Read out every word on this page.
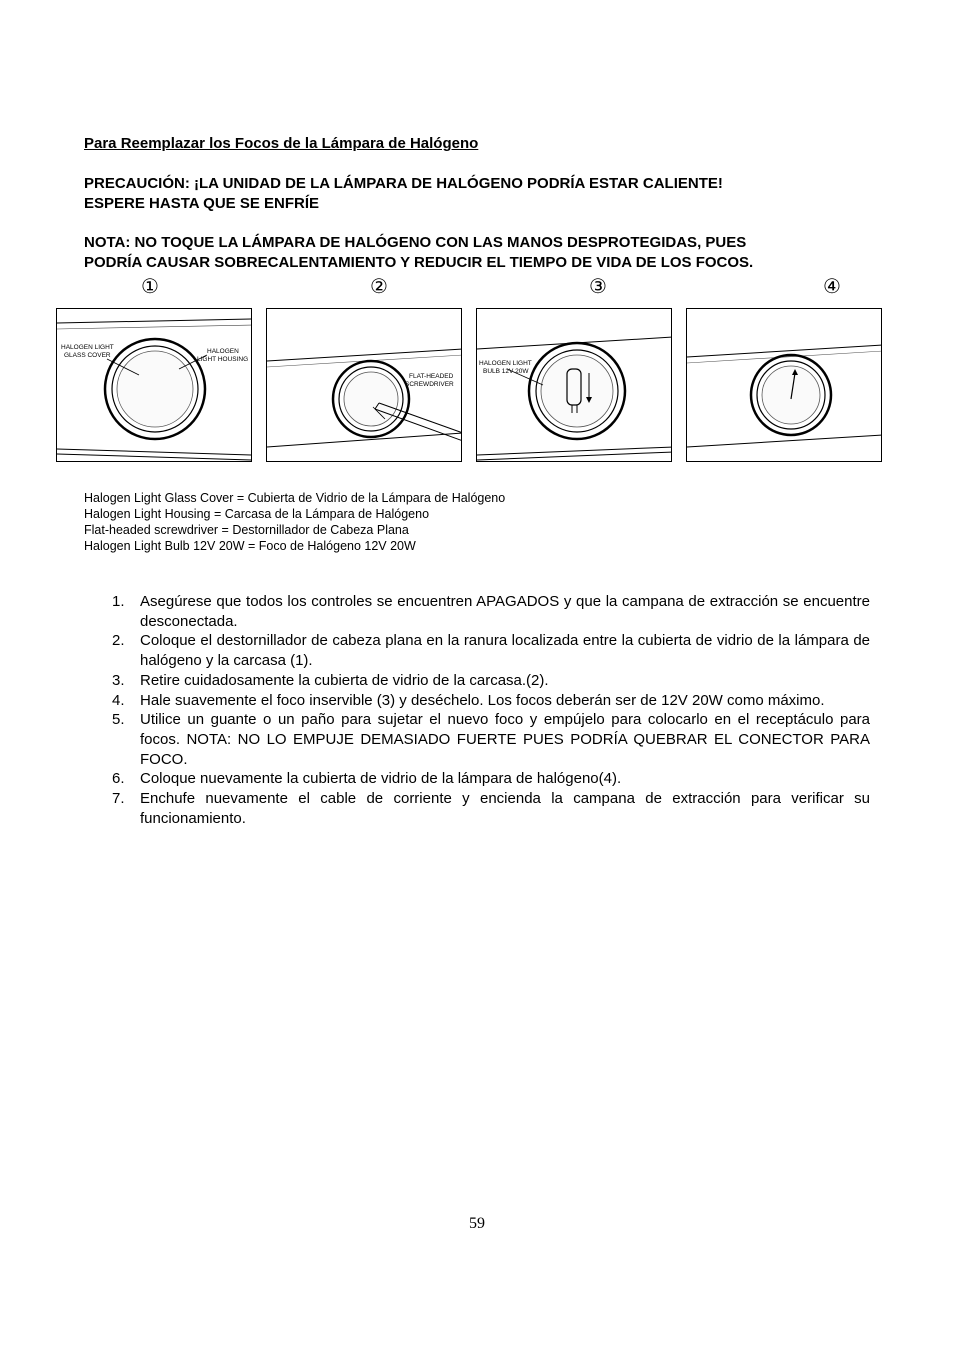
Para Reemplazar los Focos de la Lámpara de Halógeno
PRECAUCIÓN: ¡LA UNIDAD DE LA LÁMPARA DE HALÓGENO PODRÍA ESTAR CALIENTE!
ESPERE HASTA QUE SE ENFRÍE
NOTA: NO TOQUE LA LÁMPARA DE HALÓGENO CON LAS MANOS DESPROTEGIDAS, PUES
PODRÍA CAUSAR SOBRECALENTAMIENTO Y REDUCIR EL TIEMPO DE VIDA DE LOS FOCOS.
①	②	③	④
HALOGEN LIGHT
GLASS COVER
HALOGEN
LIGHT HOUSING
FLAT-HEADED
SCREWDRIVER
HALOGEN LIGHT
BULB 12V 20W
Halogen Light Glass Cover = Cubierta de Vidrio de la Lámpara de Halógeno
Halogen Light Housing = Carcasa de la Lámpara de Halógeno
Flat-headed screwdriver = Destornillador de Cabeza Plana
Halogen Light Bulb 12V 20W = Foco de Halógeno 12V 20W
1. Asegúrese que todos los controles se encuentren APAGADOS y que la campana de extracción se encuentre desconectada.
2. Coloque el destornillador de cabeza plana en la ranura localizada entre la cubierta de vidrio de la lámpara de halógeno y la carcasa (1).
3. Retire cuidadosamente la cubierta de vidrio de la carcasa.(2).
4. Hale suavemente el foco inservible (3) y deséchelo. Los focos deberán ser de 12V 20W como máximo.
5. Utilice un guante o un paño para sujetar el nuevo foco y empújelo para colocarlo en el receptáculo para focos. NOTA: NO LO EMPUJE DEMASIADO FUERTE PUES PODRÍA QUEBRAR EL CONECTOR PARA FOCO.
6. Coloque nuevamente la cubierta de vidrio de la lámpara de halógeno(4).
7. Enchufe nuevamente el cable de corriente y encienda la campana de extracción para verificar su funcionamiento.
59
